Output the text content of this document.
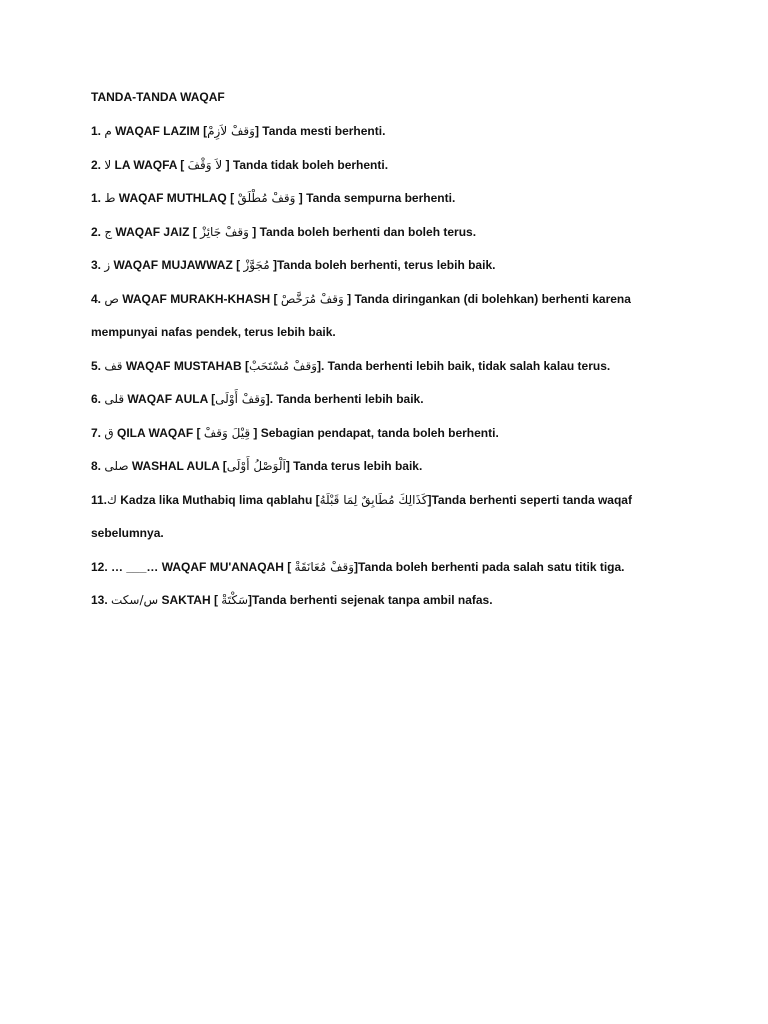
TANDA-TANDA WAQAF
1. م WAQAF LAZIM [وَقفْ لاَزِمْ] Tanda mesti berhenti.
2. لا LA WAQFA [ لاَ وَقْفَ ] Tanda tidak boleh berhenti.
1. ط WAQAF MUTHLAQ [ وَقفْ مُطْلَقْ ] Tanda sempurna berhenti.
2. ج WAQAF JAIZ [ وَقفْ جَائِزْ ] Tanda boleh berhenti dan boleh terus.
3. ز WAQAF MUJAWWAZ [ مُجَوَّزْ ]Tanda boleh berhenti, terus lebih baik.
4. ص WAQAF MURAKH-KHASH [ وَقفْ مُرَخَّصْ ] Tanda diringankan (di bolehkan) berhenti karena
mempunyai nafas pendek, terus lebih baik.
5. قف WAQAF MUSTAHAB [وَقفْ مُسْتَحَبْ]. Tanda berhenti lebih baik, tidak salah kalau terus.
6. قلى WAQAF AULA [وَقفْ أَوْلَى]. Tanda berhenti lebih baik.
7. ق QILA WAQAF [ قِيْلَ وَقفْ ] Sebagian pendapat, tanda boleh berhenti.
8. صلى WASHAL AULA [اَلْوَصْلُ أَوْلَى] Tanda terus lebih baik.
11.ك Kadza lika Muthabiq lima qablahu [كَذَالِكَ مُطَابِقٌ لِمَا قَبْلَهُ]Tanda berhenti seperti tanda waqaf
sebelumnya.
12. … ___… WAQAF MU'ANAQAH [ وَقفْ مُعَانَقَةْ]Tanda boleh berhenti pada salah satu titik tiga.
13. س/سكت SAKTAH [ سَكْتَةْ]Tanda berhenti sejenak tanpa ambil nafas.
